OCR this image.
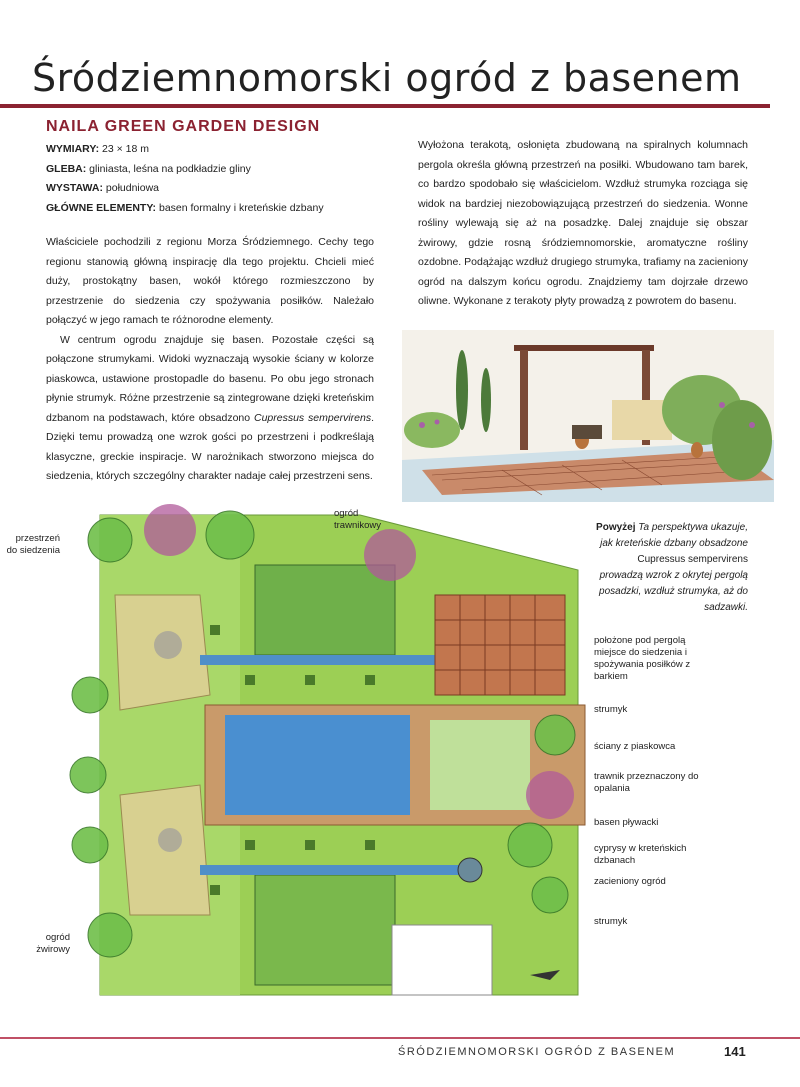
Śródziemnomorski ogród z basenem
NAILA GREEN GARDEN DESIGN
WYMIARY: 23 × 18 m
GLEBA: gliniasta, leśna na podkładzie gliny
WYSTAWA: południowa
GŁÓWNE ELEMENTY: basen formalny i kreteńskie dzbany

Właściciele pochodzili z regionu Morza Śródziemnego. Cechy tego regionu stanowią główną inspirację dla tego projektu. Chcieli mieć duży, prostokątny basen, wokół którego rozmieszczono by przestrzenie do siedzenia czy spożywania posiłków. Należało połączyć w jego ramach te różnorodne elementy.

W centrum ogrodu znajduje się basen. Pozostałe części są połączone strumykami. Widoki wyznaczają wysokie ściany w kolorze piaskowca, ustawione prostopadle do basenu. Po obu jego stronach płynie strumyk. Różne przestrzenie są zintegrowane dzięki kreteńskim dzbanom na podstawach, które obsadzono Cupressus sempervirens. Dzięki temu prowadzą one wzrok gości po przestrzeni i podkreślają klasyczne, greckie inspiracje. W narożnikach stworzono miejsca do siedzenia, których szczególny charakter nadaje całej przestrzeni sens.

Wyłożona terakotą, osłonięta zbudowaną na spiralnych kolumnach pergola określa główną przestrzeń na posiłki. Wbudowano tam barek, co bardzo spodobało się właścicielom. Wzdłuż strumyka rozciąga się widok na bardziej niezobowiązującą przestrzeń do siedzenia. Wonne rośliny wylewają się aż na posadzkę. Dalej znajduje się obszar żwirowy, gdzie rosną śródziemnomorskie, aromatyczne rośliny ozdobne. Podążając wzdłuż drugiego strumyka, trafiamy na zacieniony ogród na dalszym końcu ogrodu. Znajdziemy tam dojrzałe drzewo oliwne. Wykonane z terakoty płyty prowadzą z powrotem do basenu.

Powyżej Ta perspektywa ukazuje, jak kreteńskie dzbany obsadzone
Cupressus sempervirens
prowadzą wzrok z okrytej pergolą posadzki, wzdłuż strumyka, aż do sadzawki.
przestrzeń do siedzenia
ogród trawnikowy
ogród żwirowy
położone pod pergolą miejsce do siedzenia i spożywania posiłków z barkiem
strumyk
ściany z piaskowca
trawnik przeznaczony do opalania
basen pływacki
cyprysy w kreteńskich dzbanach
zacieniony ogród
strumyk
ŚRÓDZIEMNOMORSKI OGRÓD Z BASENEM	141
